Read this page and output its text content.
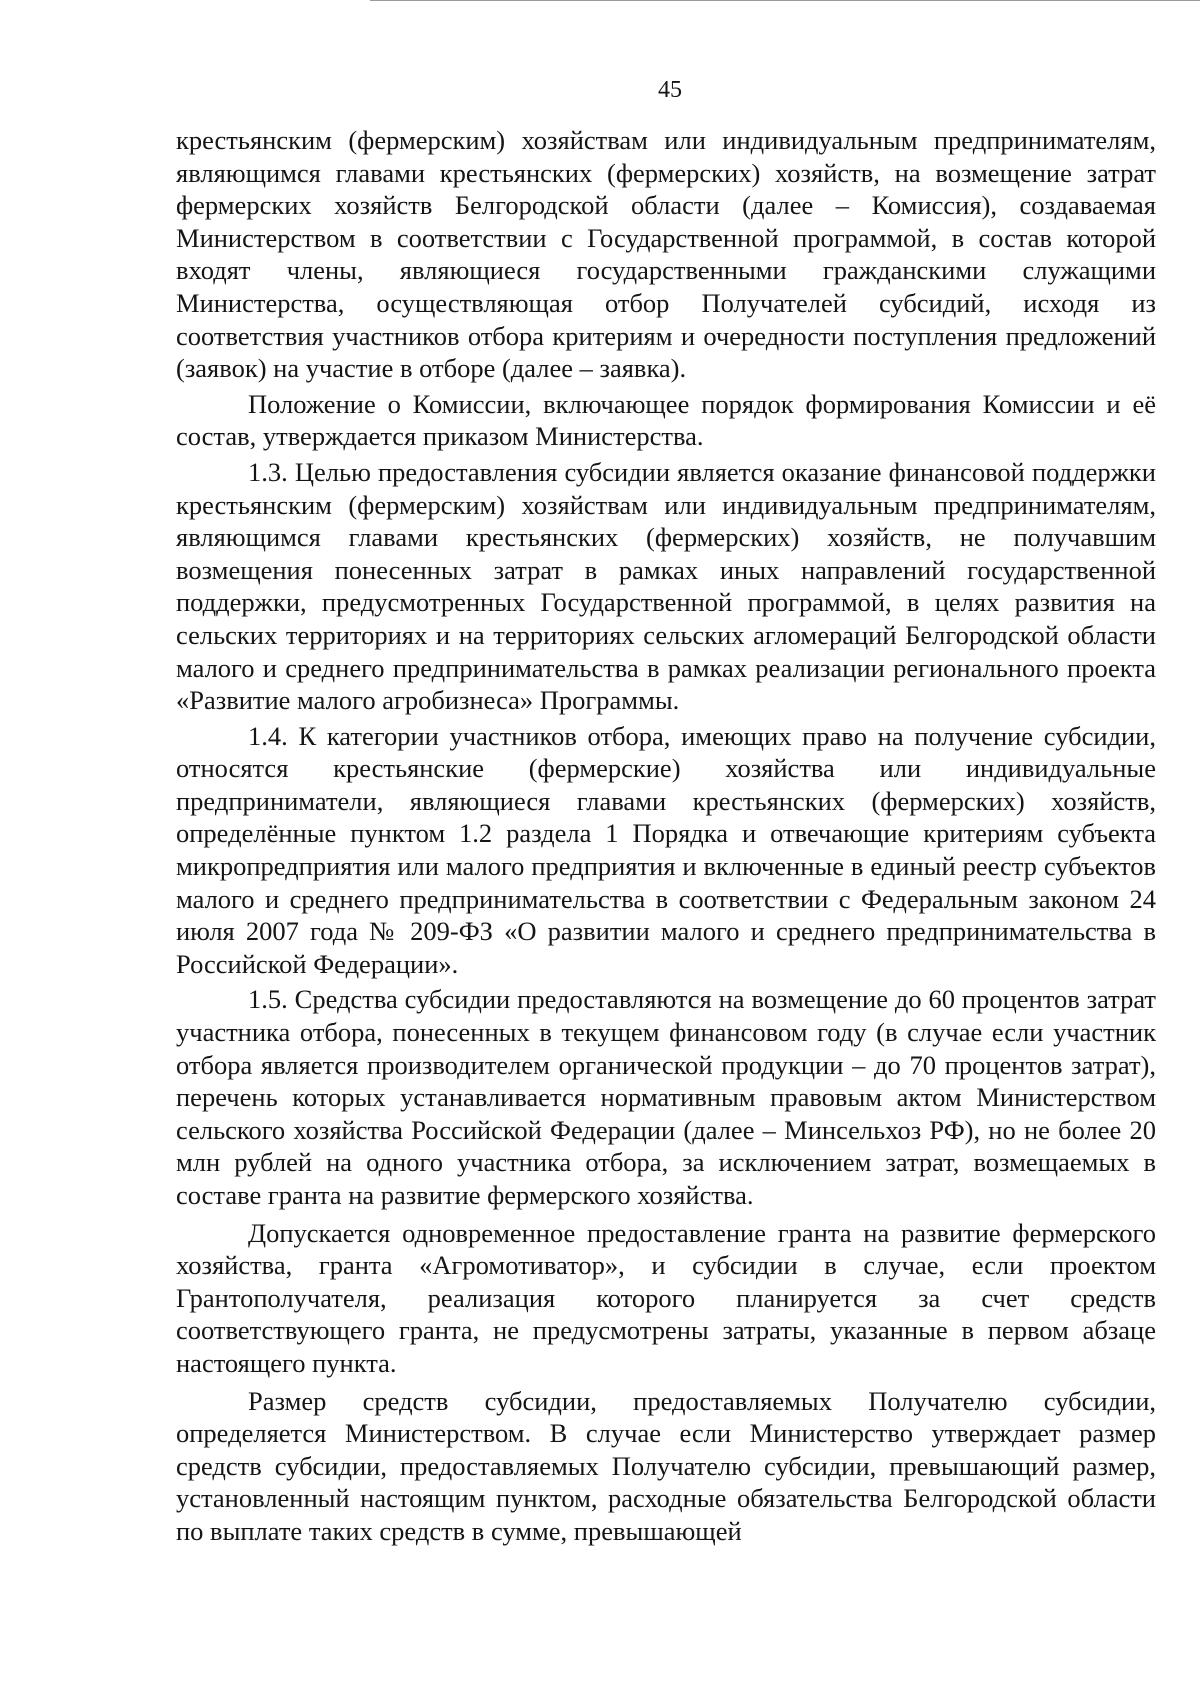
45

крестьянским (фермерским) хозяйствам или индивидуальным предпринимателям, являющимся главами крестьянских (фермерских) хозяйств, на возмещение затрат фермерских хозяйств Белгородской области (далее – Комиссия), создаваемая Министерством в соответствии с Государственной программой, в состав которой входят члены, являющиеся государственными гражданскими служащими Министерства, осуществляющая отбор Получателей субсидий, исходя из соответствия участников отбора критериям и очередности поступления предложений (заявок) на участие в отборе (далее – заявка).

Положение о Комиссии, включающее порядок формирования Комиссии и её состав, утверждается приказом Министерства.

1.3. Целью предоставления субсидии является оказание финансовой поддержки крестьянским (фермерским) хозяйствам или индивидуальным предпринимателям, являющимся главами крестьянских (фермерских) хозяйств, не получавшим возмещения понесенных затрат в рамках иных направлений государственной поддержки, предусмотренных Государственной программой, в целях развития на сельских территориях и на территориях сельских агломераций Белгородской области малого и среднего предпринимательства в рамках реализации регионального проекта «Развитие малого агробизнеса» Программы.

1.4. К категории участников отбора, имеющих право на получение субсидии, относятся крестьянские (фермерские) хозяйства или индивидуальные предприниматели, являющиеся главами крестьянских (фермерских) хозяйств, определённые пунктом 1.2 раздела 1 Порядка и отвечающие критериям субъекта микропредприятия или малого предприятия и включенные в единый реестр субъектов малого и среднего предпринимательства в соответствии с Федеральным законом 24 июля 2007 года № 209-ФЗ «О развитии малого и среднего предпринимательства в Российской Федерации».

1.5. Средства субсидии предоставляются на возмещение до 60 процентов затрат участника отбора, понесенных в текущем финансовом году (в случае если участник отбора является производителем органической продукции – до 70 процентов затрат), перечень которых устанавливается нормативным правовым актом Министерством сельского хозяйства Российской Федерации (далее – Минсельхоз РФ), но не более 20 млн рублей на одного участника отбора, за исключением затрат, возмещаемых в составе гранта на развитие фермерского хозяйства.

Допускается одновременное предоставление гранта на развитие фермерского хозяйства, гранта «Агромотиватор», и субсидии в случае, если проектом Грантополучателя, реализация которого планируется за счет средств соответствующего гранта, не предусмотрены затраты, указанные в первом абзаце настоящего пункта.

Размер средств субсидии, предоставляемых Получателю субсидии, определяется Министерством. В случае если Министерство утверждает размер средств субсидии, предоставляемых Получателю субсидии, превышающий размер, установленный настоящим пунктом, расходные обязательства Белгородской области по выплате таких средств в сумме, превышающей
